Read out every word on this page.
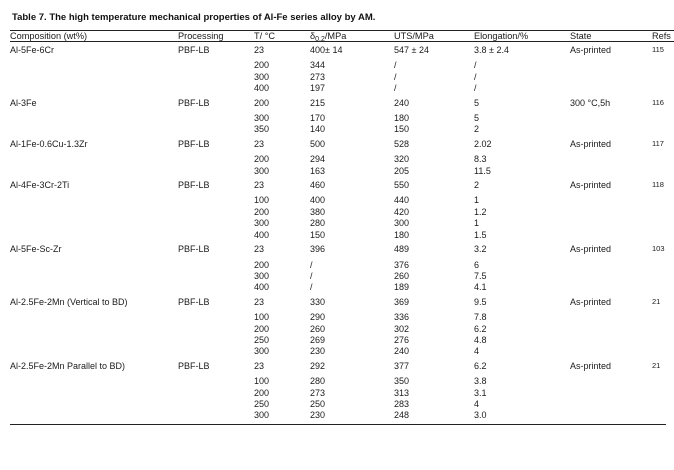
Table 7. The high temperature mechanical properties of Al-Fe series alloy by AM.
Composition (wt%)	Processing	T/ °C	$\delta_{0.2}$/MPa	UTS/MPa	Elongation/%	State	Refs
Al-5Fe-6Cr	PBF-LB	23	400± 14	547 ± 24	3.8 ± 2.4	As-printed	$^{115}$
		200	344	/	/		
		300	273	/	/		
		400	197	/	/		
Al-3Fe	PBF-LB	200	215	240	5	300 °C,5h	$^{116}$
		300	170	180	5		
		350	140	150	2		
Al-1Fe-0.6Cu-1.3Zr	PBF-LB	23	500	528	2.02	As-printed	$^{117}$
		200	294	320	8.3		
		300	163	205	11.5		
Al-4Fe-3Cr-2Ti	PBF-LB	23	460	550	2	As-printed	$^{118}$
		100	400	440	1		
		200	380	420	1.2		
		300	280	300	1		
		400	150	180	1.5		
Al-5Fe-Sc-Zr	PBF-LB	23	396	489	3.2	As-printed	$^{103}$
		200	/	376	6		
		300	/	260	7.5		
		400	/	189	4.1		
Al-2.5Fe-2Mn (Vertical to BD)	PBF-LB	23	330	369	9.5	As-printed	$^{21}$
		100	290	336	7.8		
		200	260	302	6.2		
		250	269	276	4.8		
		300	230	240	4		
Al-2.5Fe-2Mn Parallel to BD)	PBF-LB	23	292	377	6.2	As-printed	$^{21}$
		100	280	350	3.8		
		200	273	313	3.1		
		250	250	283	4		
		300	230	248	3.0		
